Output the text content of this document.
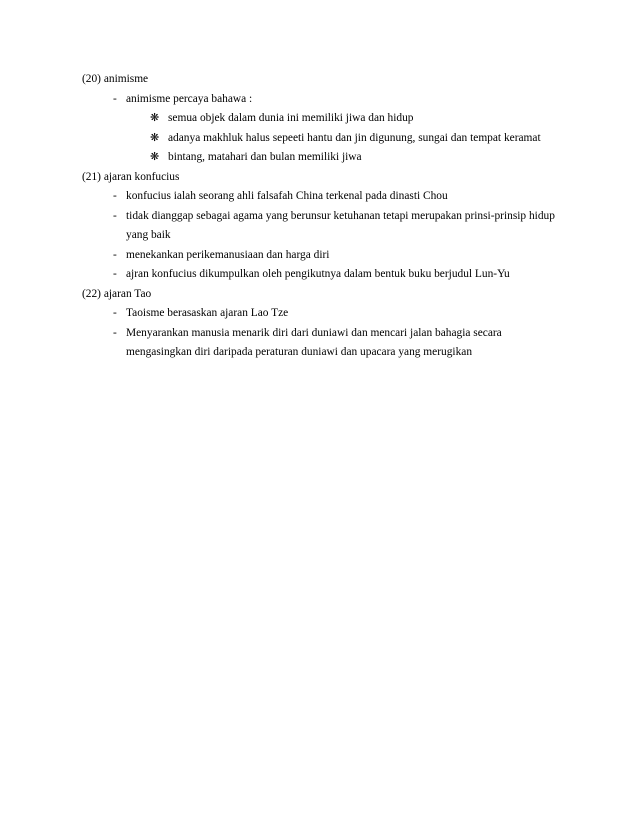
(20) animisme
- animisme percaya bahawa :
❋ semua objek dalam dunia ini memiliki jiwa dan hidup
❋ adanya makhluk halus sepeeti hantu dan jin digunung, sungai dan tempat keramat
❋ bintang, matahari dan bulan memiliki jiwa
(21) ajaran konfucius
- konfucius ialah seorang ahli falsafah China terkenal pada dinasti Chou
- tidak dianggap sebagai agama yang berunsur ketuhanan tetapi merupakan prinsi-prinsip hidup yang baik
- menekankan perikemanusiaan dan harga diri
- ajran konfucius dikumpulkan oleh pengikutnya dalam bentuk buku berjudul Lun-Yu
(22) ajaran Tao
- Taoisme berasaskan ajaran Lao Tze
- Menyarankan manusia menarik diri dari duniawi dan mencari jalan bahagia secara mengasingkan diri daripada peraturan duniawi dan upacara yang merugikan
